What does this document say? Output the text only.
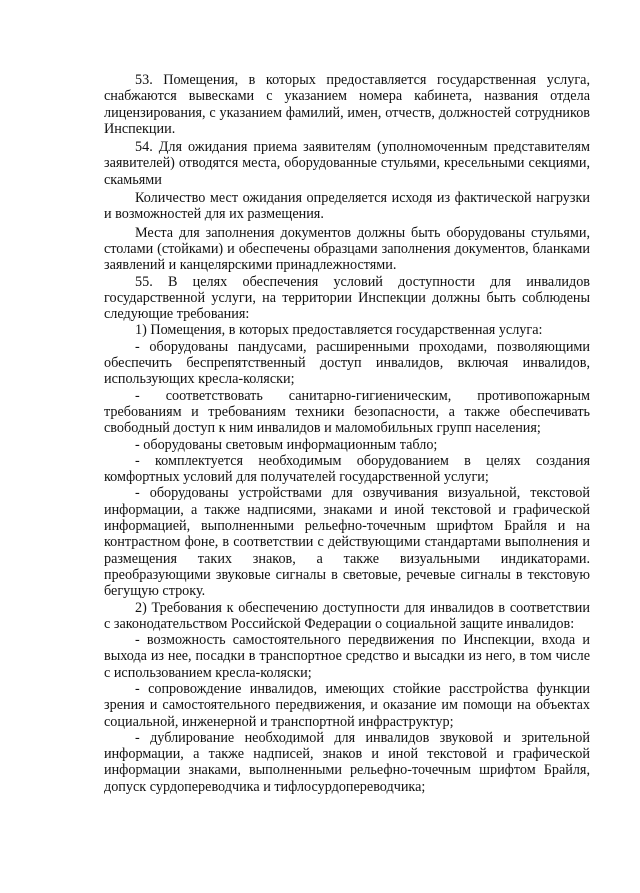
53. Помещения, в которых предоставляется государственная услуга, снабжаются вывесками с указанием номера кабинета, названия отдела лицензирования, с указанием фамилий, имен, отчеств, должностей сотрудников Инспекции.

54. Для ожидания приема заявителям (уполномоченным представителям заявителей) отводятся места, оборудованные стульями, кресельными секциями, скамьями

Количество мест ожидания определяется исходя из фактической нагрузки и возможностей для их размещения.

Места для заполнения документов должны быть оборудованы стульями, столами (стойками) и обеспечены образцами заполнения документов, бланками заявлений и канцелярскими принадлежностями.

55. В целях обеспечения условий доступности для инвалидов государственной услуги, на территории Инспекции должны быть соблюдены следующие требования:

1) Помещения, в которых предоставляется государственная услуга:

- оборудованы пандусами, расширенными проходами, позволяющими обеспечить беспрепятственный доступ инвалидов, включая инвалидов, использующих кресла-коляски;

- соответствовать санитарно-гигиеническим, противопожарным требованиям и требованиям техники безопасности, а также обеспечивать свободный доступ к ним инвалидов и маломобильных групп населения;

- оборудованы световым информационным табло;

- комплектуется необходимым оборудованием в целях создания комфортных условий для получателей государственной услуги;

- оборудованы устройствами для озвучивания визуальной, текстовой информации, а также надписями, знаками и иной текстовой и графической информацией, выполненными рельефно-точечным шрифтом Брайля и на контрастном фоне, в соответствии с действующими стандартами выполнения и размещения таких знаков, а также визуальными индикаторами. преобразующими звуковые сигналы в световые, речевые сигналы в текстовую бегущую строку.

2) Требования к обеспечению доступности для инвалидов в соответствии с законодательством Российской Федерации о социальной защите инвалидов:

- возможность самостоятельного передвижения по Инспекции, входа и выхода из нее, посадки в транспортное средство и высадки из него, в том числе с использованием кресла-коляски;

- сопровождение инвалидов, имеющих стойкие расстройства функции зрения и самостоятельного передвижения, и оказание им помощи на объектах социальной, инженерной и транспортной инфраструктур;

- дублирование необходимой для инвалидов звуковой и зрительной информации, а также надписей, знаков и иной текстовой и графической информации знаками, выполненными рельефно-точечным шрифтом Брайля, допуск сурдопереводчика и тифлосурдопереводчика;
